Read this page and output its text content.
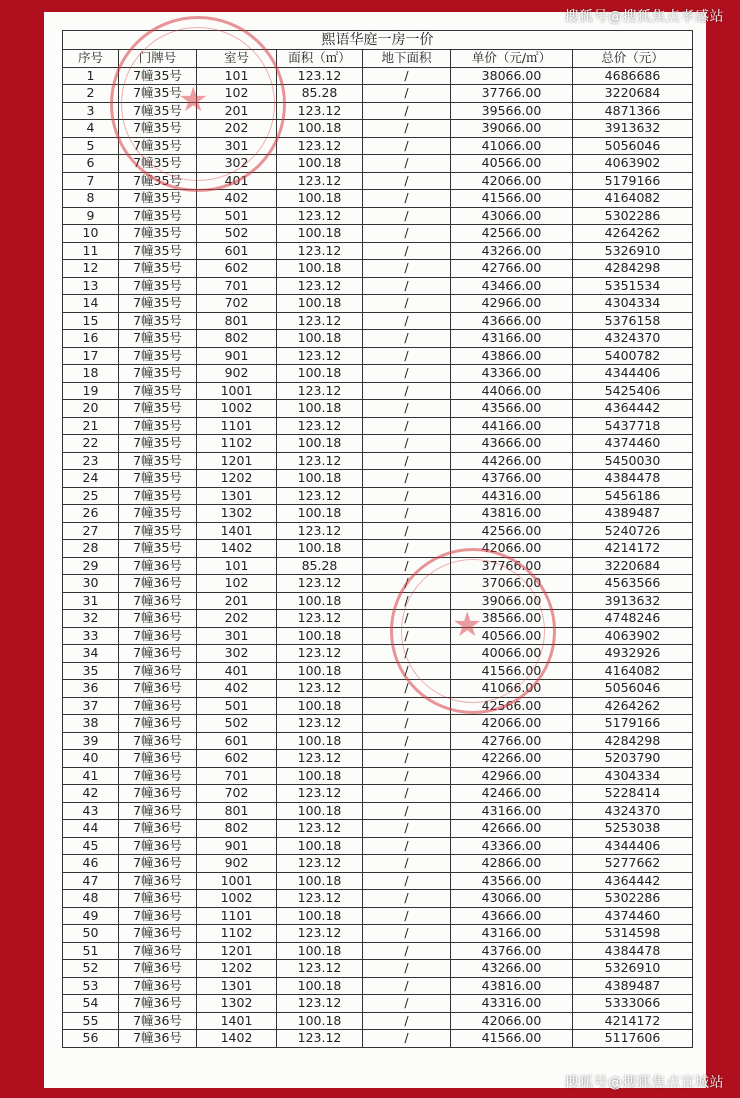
搜狐号@搜狐焦点孝感站
熙语华庭一房一价						
序号	门牌号	室号	面积（㎡）	地下面积	单价（元/㎡）	总价（元）
1	7幢35号	101	123.12	/	38066.00	4686686
2	7幢35号	102	85.28	/	37766.00	3220684
3	7幢35号	201	123.12	/	39566.00	4871366
4	7幢35号	202	100.18	/	39066.00	3913632
5	7幢35号	301	123.12	/	41066.00	5056046
6	7幢35号	302	100.18	/	40566.00	4063902
7	7幢35号	401	123.12	/	42066.00	5179166
8	7幢35号	402	100.18	/	41566.00	4164082
9	7幢35号	501	123.12	/	43066.00	5302286
10	7幢35号	502	100.18	/	42566.00	4264262
11	7幢35号	601	123.12	/	43266.00	5326910
12	7幢35号	602	100.18	/	42766.00	4284298
13	7幢35号	701	123.12	/	43466.00	5351534
14	7幢35号	702	100.18	/	42966.00	4304334
15	7幢35号	801	123.12	/	43666.00	5376158
16	7幢35号	802	100.18	/	43166.00	4324370
17	7幢35号	901	123.12	/	43866.00	5400782
18	7幢35号	902	100.18	/	43366.00	4344406
19	7幢35号	1001	123.12	/	44066.00	5425406
20	7幢35号	1002	100.18	/	43566.00	4364442
21	7幢35号	1101	123.12	/	44166.00	5437718
22	7幢35号	1102	100.18	/	43666.00	4374460
23	7幢35号	1201	123.12	/	44266.00	5450030
24	7幢35号	1202	100.18	/	43766.00	4384478
25	7幢35号	1301	123.12	/	44316.00	5456186
26	7幢35号	1302	100.18	/	43816.00	4389487
27	7幢35号	1401	123.12	/	42566.00	5240726
28	7幢35号	1402	100.18	/	42066.00	4214172
29	7幢36号	101	85.28	/	37766.00	3220684
30	7幢36号	102	123.12	/	37066.00	4563566
31	7幢36号	201	100.18	/	39066.00	3913632
32	7幢36号	202	123.12	/	38566.00	4748246
33	7幢36号	301	100.18	/	40566.00	4063902
34	7幢36号	302	123.12	/	40066.00	4932926
35	7幢36号	401	100.18	/	41566.00	4164082
36	7幢36号	402	123.12	/	41066.00	5056046
37	7幢36号	501	100.18	/	42566.00	4264262
38	7幢36号	502	123.12	/	42066.00	5179166
39	7幢36号	601	100.18	/	42766.00	4284298
40	7幢36号	602	123.12	/	42266.00	5203790
41	7幢36号	701	100.18	/	42966.00	4304334
42	7幢36号	702	123.12	/	42466.00	5228414
43	7幢36号	801	100.18	/	43166.00	4324370
44	7幢36号	802	123.12	/	42666.00	5253038
45	7幢36号	901	100.18	/	43366.00	4344406
46	7幢36号	902	123.12	/	42866.00	5277662
47	7幢36号	1001	100.18	/	43566.00	4364442
48	7幢36号	1002	123.12	/	43066.00	5302286
49	7幢36号	1101	100.18	/	43666.00	4374460
50	7幢36号	1102	123.12	/	43166.00	5314598
51	7幢36号	1201	100.18	/	43766.00	4384478
52	7幢36号	1202	123.12	/	43266.00	5326910
53	7幢36号	1301	100.18	/	43816.00	4389487
54	7幢36号	1302	123.12	/	43316.00	5333066
55	7幢36号	1401	100.18	/	42066.00	4214172
56	7幢36号	1402	123.12	/	41566.00	5117606
★
★
搜狐号@搜狐焦点宣城站
